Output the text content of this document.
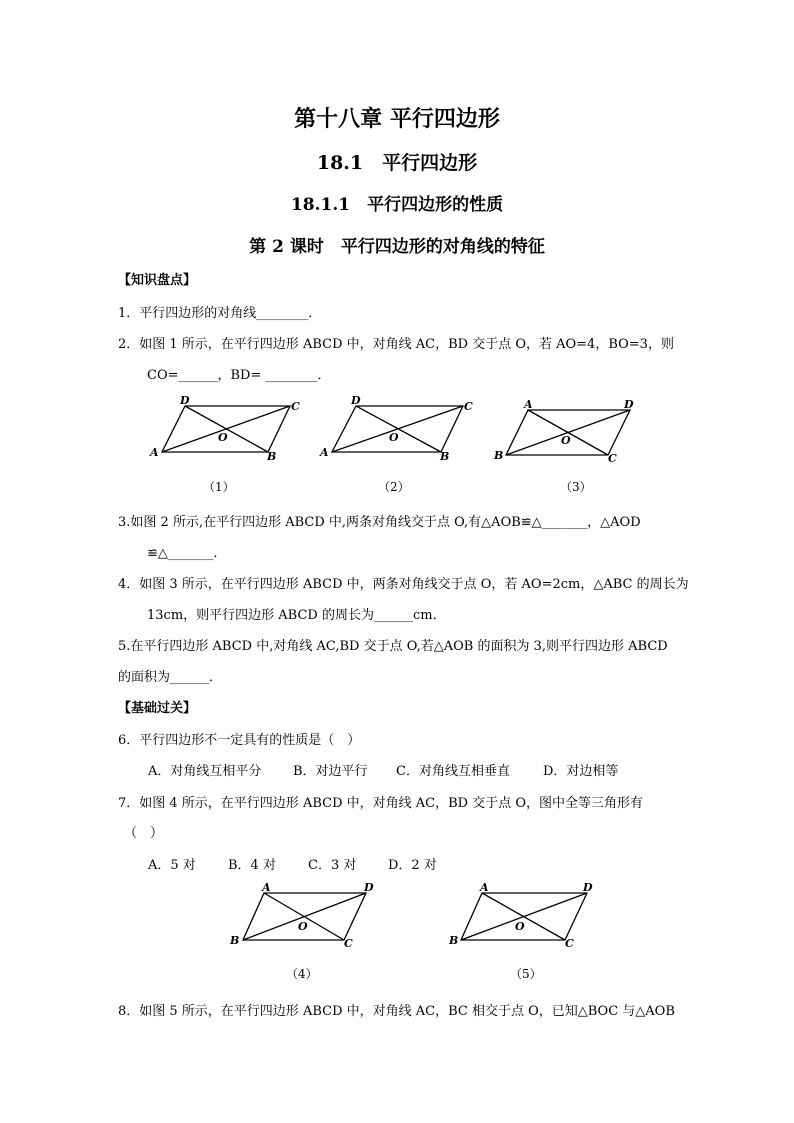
第十八章 平行四边形
18.1　平行四边形
18.1.1　平行四边形的性质
第 2 课时　平行四边形的对角线的特征
【知识盘点】
1．平行四边形的对角线________．
2．如图 1 所示，在平行四边形 ABCD 中，对角线 AC，BD 交于点 O，若 AO=4，BO=3，则
CO=______，BD= ________．
A	B
C
D
O
（1）
A	B
C
D
O
（2）
A
B	C
D
O
（3）
A
B	C
D
O
（4）
A
B	C
D
O
（5）
3.如图 2 所示,在平行四边形 ABCD 中,两条对角线交于点 O,有△AOB≌△_______，△AOD
≌△_______．
4．如图 3 所示，在平行四边形 ABCD 中，两条对角线交于点 O，若 AO=2cm，△ABC 的周长为
13cm，则平行四边形 ABCD 的周长为______cm．
5.在平行四边形 ABCD 中,对角线 AC,BD 交于点 O,若△AOB 的面积为 3,则平行四边形 ABCD
的面积为______．
【基础过关】
6．平行四边形不一定具有的性质是（　）
A．对角线互相平分 B．对边平行 C．对角线互相垂直	D．对边相等
7．如图 4 所示，在平行四边形 ABCD 中，对角线 AC，BD 交于点 O，图中全等三角形有
（　）
A．5 对 B．4 对 C．3 对 D．2 对
8．如图 5 所示，在平行四边形 ABCD 中，对角线 AC，BC 相交于点 O，已知△BOC 与△AOB
